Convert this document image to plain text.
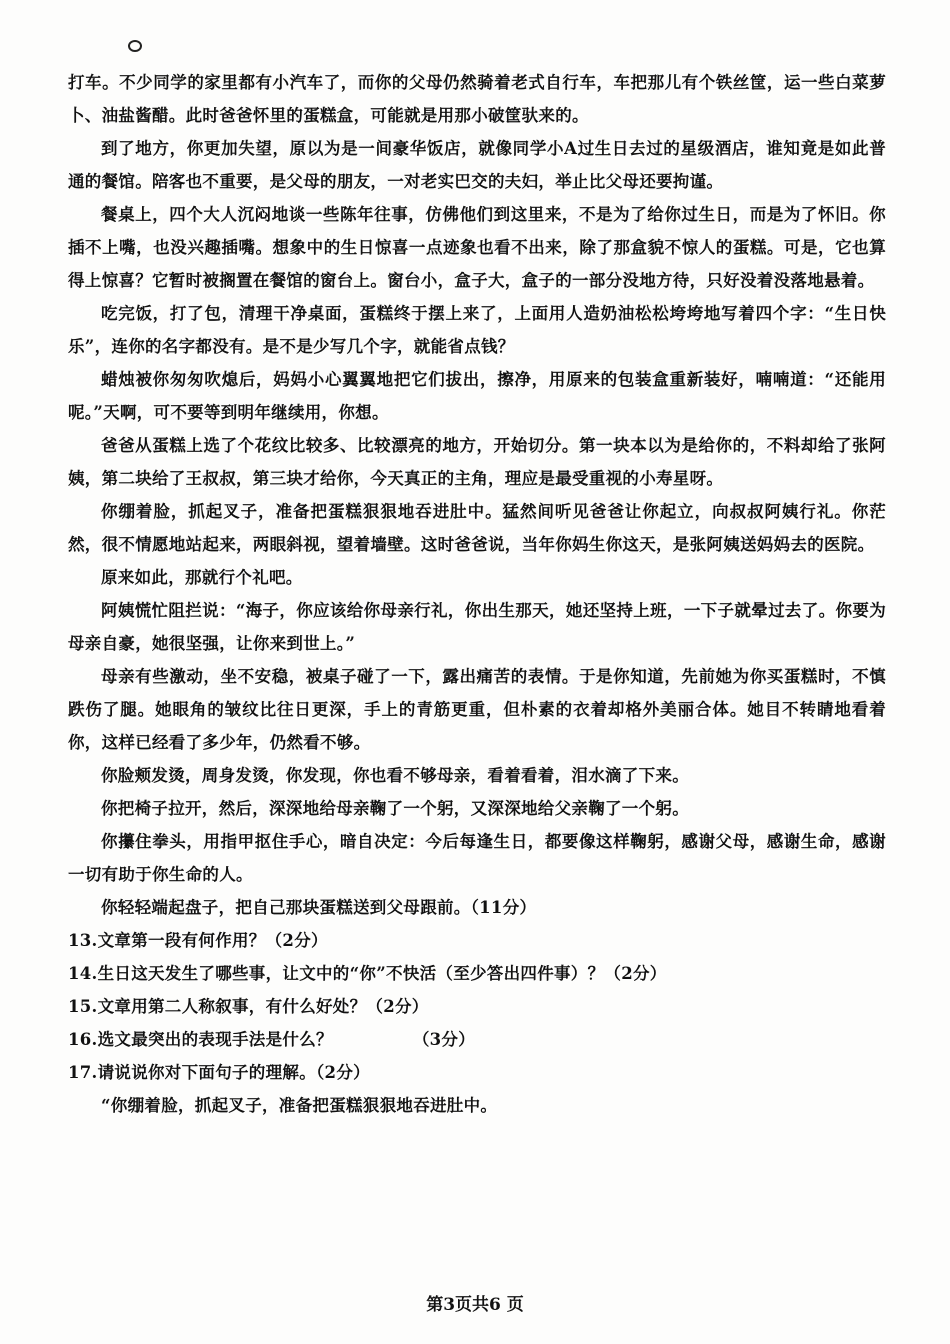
打车。不少同学的家里都有小汽车了，而你的父母仍然骑着老式自行车，车把那儿有个铁丝筐，运一些白菜萝卜、油盐酱醋。此时爸爸怀里的蛋糕盒，可能就是用那小破筐驮来的。

到了地方，你更加失望，原以为是一间豪华饭店，就像同学小A过生日去过的星级酒店，谁知竟是如此普通的餐馆。陪客也不重要，是父母的朋友，一对老实巴交的夫妇，举止比父母还要拘谨。

餐桌上，四个大人沉闷地谈一些陈年往事，仿佛他们到这里来，不是为了给你过生日，而是为了怀旧。你插不上嘴，也没兴趣插嘴。想象中的生日惊喜一点迹象也看不出来，除了那盒貌不惊人的蛋糕。可是，它也算得上惊喜？它暂时被搁置在餐馆的窗台上。窗台小，盒子大，盒子的一部分没地方待，只好没着没落地悬着。

吃完饭，打了包，清理干净桌面，蛋糕终于摆上来了，上面用人造奶油松松垮垮地写着四个字：“生日快乐”，连你的名字都没有。是不是少写几个字，就能省点钱？

蜡烛被你匆匆吹熄后，妈妈小心翼翼地把它们拔出，擦净，用原来的包装盒重新装好，喃喃道：“还能用呢。”天啊，可不要等到明年继续用，你想。

爸爸从蛋糕上选了个花纹比较多、比较漂亮的地方，开始切分。第一块本以为是给你的，不料却给了张阿姨，第二块给了王叔叔，第三块才给你，今天真正的主角，理应是最受重视的小寿星呀。

你绷着脸，抓起叉子，准备把蛋糕狠狠地吞进肚中。猛然间听见爸爸让你起立，向叔叔阿姨行礼。你茫然，很不情愿地站起来，两眼斜视，望着墙壁。这时爸爸说，当年你妈生你这天，是张阿姨送妈妈去的医院。

原来如此，那就行个礼吧。

阿姨慌忙阻拦说：“海子，你应该给你母亲行礼，你出生那天，她还坚持上班，一下子就晕过去了。你要为母亲自豪，她很坚强，让你来到世上。”

母亲有些激动，坐不安稳，被桌子碰了一下，露出痛苦的表情。于是你知道，先前她为你买蛋糕时，不慎跌伤了腿。她眼角的皱纹比往日更深，手上的青筋更重，但朴素的衣着却格外美丽合体。她目不转睛地看着你，这样已经看了多少年，仍然看不够。

你脸颊发烫，周身发烫，你发现，你也看不够母亲，看着看着，泪水滴了下来。

你把椅子拉开，然后，深深地给母亲鞠了一个躬，又深深地给父亲鞠了一个躬。

你攥住拳头，用指甲抠住手心，暗自决定：今后每逢生日，都要像这样鞠躬，感谢父母，感谢生命，感谢一切有助于你生命的人。

你轻轻端起盘子，把自己那块蛋糕送到父母跟前。（11分）

13.文章第一段有何作用？（2分）

14.生日这天发生了哪些事，让文中的“你”不快活（至少答出四件事）？（2分）

15.文章用第二人称叙事，有什么好处？（2分）

16.选文最突出的表现手法是什么？	（3分）

17.请说说你对下面句子的理解。（2分）

“你绷着脸，抓起叉子，准备把蛋糕狠狠地吞进肚中。

第3页共6 页
